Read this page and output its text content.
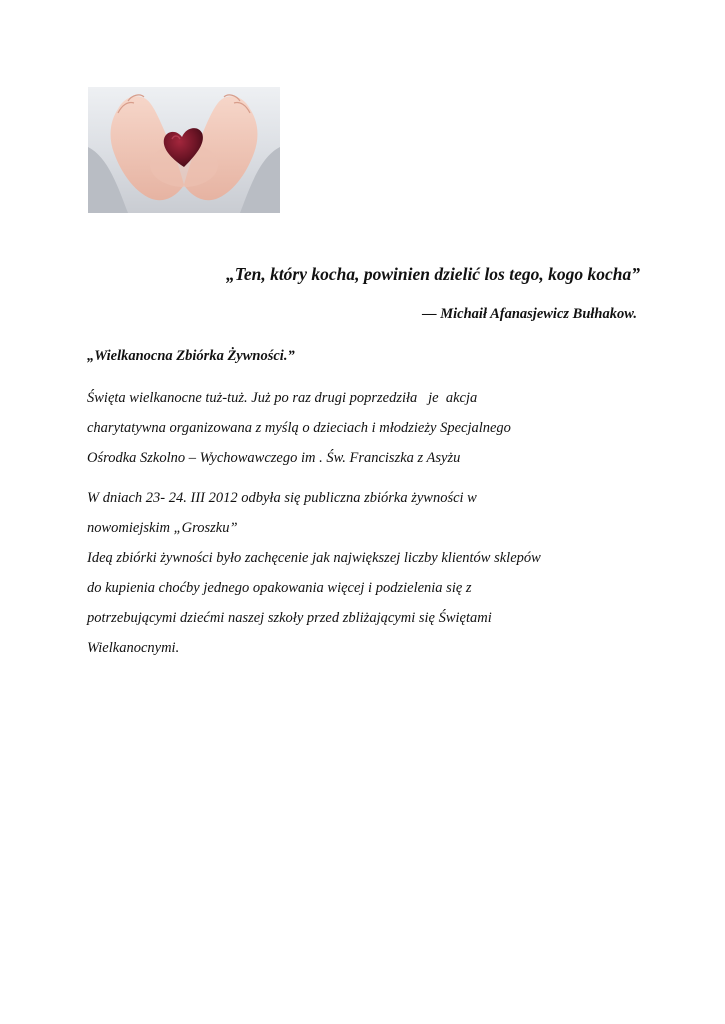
„Ten, który kocha, powinien dzielić los tego, kogo kocha”
— Michaił Afanasjewicz Bułhakow.
„Wielkanocna Zbiórka Żywności.”
Święta wielkanocne tuż-tuż. Już po raz drugi poprzedziła   je  akcja
charytatywna organizowana z myślą o dzieciach i młodzieży Specjalnego
Ośrodka Szkolno – Wychowawczego im . Św. Franciszka z Asyżu
W dniach 23- 24. III 2012 odbyła się publiczna zbiórka żywności w
nowomiejskim „Groszku”
Ideą zbiórki żywności było zachęcenie jak największej liczby klientów sklepów
do kupienia choćby jednego opakowania więcej i podzielenia się z
potrzebującymi dziećmi naszej szkoły przed zbliżającymi się Świętami
Wielkanocnymi.
